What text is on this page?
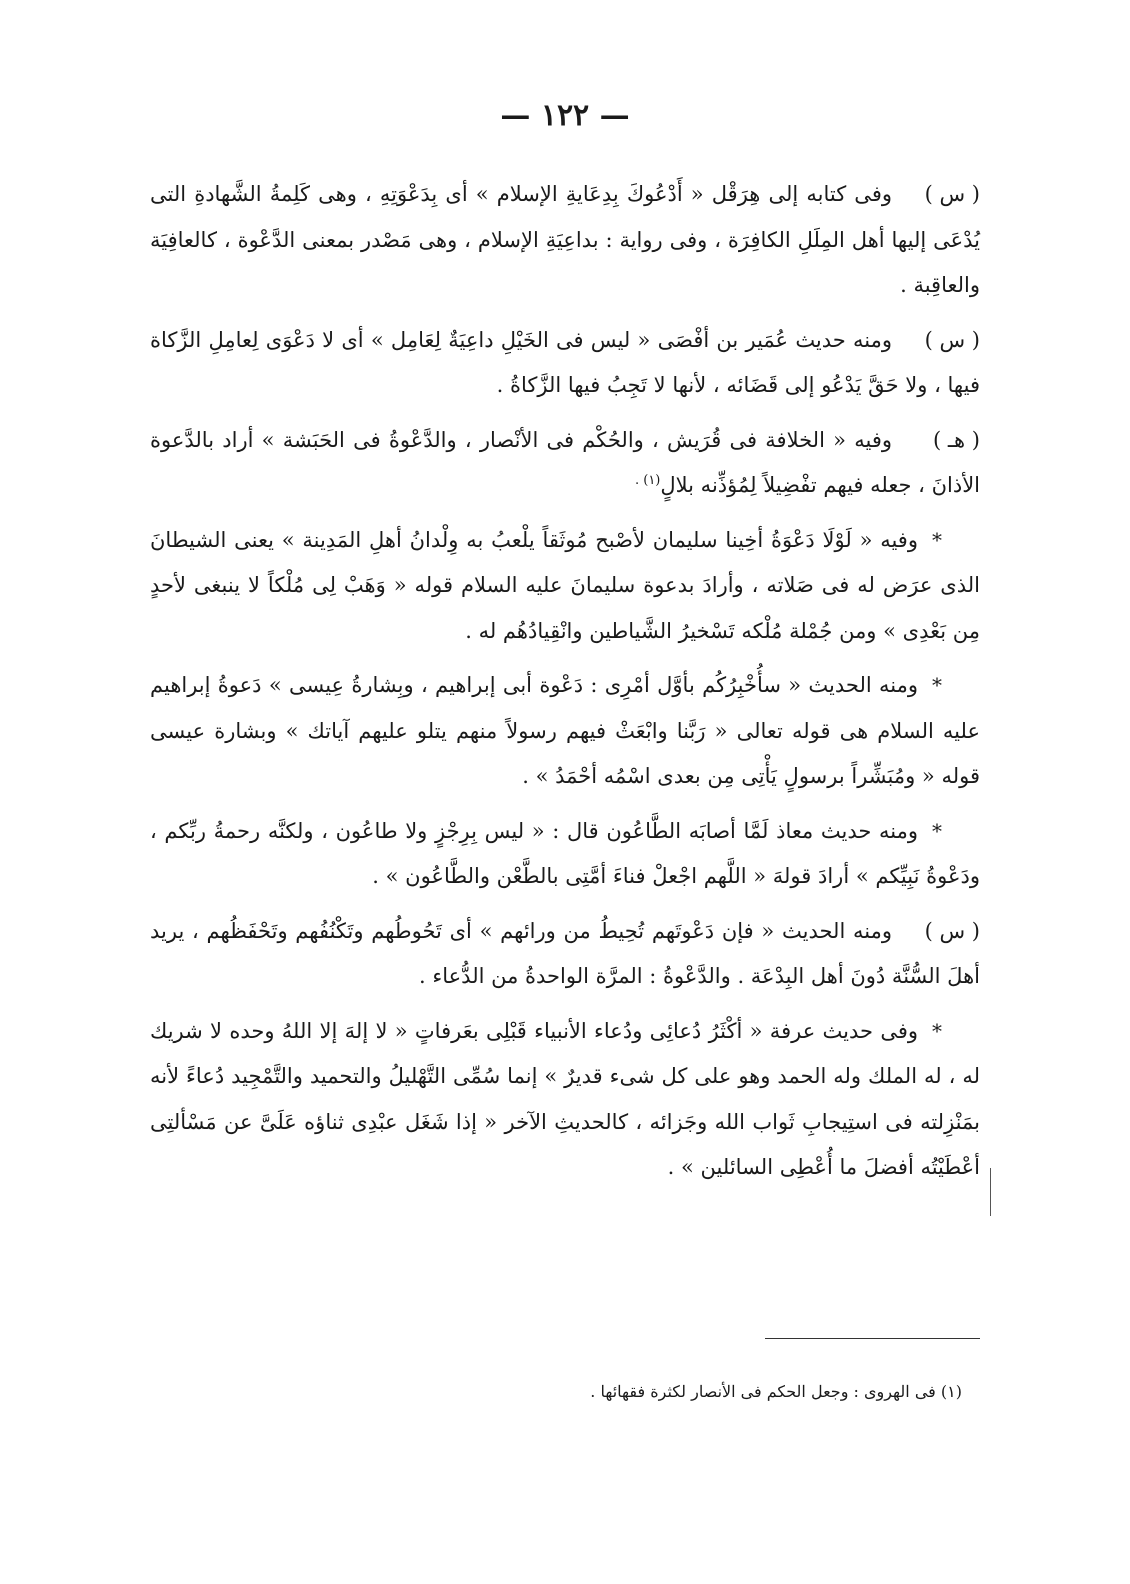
— ١٢٢ —

( س )وفى كتابه إلى هِرَقْل « أَدْعُوكَ بِدِعَايةِ الإسلام » أى بِدَعْوَتِهِ ، وهى كَلِمةُ الشَّهادةِ التى يُدْعَى إليها أهل المِلَلِ الكافِرَة ، وفى رواية : بداعِيَةِ الإسلام ، وهى مَصْدر بمعنى الدَّعْوة ، كالعافِيَة والعاقِبة .

( س )ومنه حديث عُمَير بن أفْصَى « ليس فى الخَيْلِ داعِيَةٌ لِعَامِل » أى لا دَعْوَى لِعامِلِ الزَّكاة فيها ، ولا حَقَّ يَدْعُو إلى قَضَائه ، لأنها لا تَجِبُ فيها الزَّكاةُ .

( هـ )وفيه « الخلافة فى قُرَيش ، والحُكْم فى الأنْصار ، والدَّعْوةُ فى الحَبَشة » أراد بالدَّعوة الأذانَ ، جعله فيهم تفْضِيلاً لِمُؤذِّنه بلالٍ$^{(١) .}$

*وفيه « لَوْلَا دَعْوَةُ أخِينا سليمان لأصْبح مُوثَقاً يلْعبُ به وِلْدانُ أهلِ المَدِينة » يعنى الشيطانَ الذى عرَض له فى صَلاته ، وأرادَ بدعوة سليمانَ عليه السلام قوله « وَهَبْ لِى مُلْكاً لا ينبغى لأحدٍ مِن بَعْدِى » ومن جُمْلة مُلْكه تَسْخيرُ الشَّياطين وانْقِيادُهُم له .

*ومنه الحديث « سأُخْبِرُكُم بأوَّل أمْرِى : دَعْوة أبى إبراهيم ، وبِشارةُ عِيسى » دَعوةُ إبراهيم عليه السلام هى قوله تعالى « رَبَّنا وابْعَثْ فيهم رسولاً منهم يتلو عليهم آياتك » وبشارة عيسى قوله « ومُبَشِّراً برسولٍ يَأْتِى مِن بعدى اسْمُه أحْمَدُ » .

*ومنه حديث معاذ لَمَّا أصابَه الطَّاعُون قال : « ليس بِرِجْزٍ ولا طاعُون ، ولكنَّه رحمةُ ربِّكم ، ودَعْوةُ نَبِيِّكم » أرادَ قولهَ « اللَّهم اجْعلْ فناءَ أمَّتِى بالطَّعْن والطَّاعُون » .

( س )ومنه الحديث « فإن دَعْوتَهم تُحِيطُ من ورائهم » أى تَحُوطُهم وتَكْنُفُهم وتَحْفَظُهم ، يريد أهلَ السُّنَّة دُونَ أهل البِدْعَة . والدَّعْوةُ : المرَّة الواحدةُ من الدُّعاء .

*وفى حديث عرفة « أكْثَرُ دُعائِى ودُعاء الأنبياء قَبْلِى بعَرفاتٍ « لا إلهَ إلا اللهُ وحده لا شريك له ، له الملك وله الحمد وهو على كل شىء قديرٌ » إنما سُمِّى التَّهْليلُ والتحميد والتَّمْجِيد دُعاءً لأنه بمَنْزِلته فى استِيجابِ ثَواب الله وجَزائه ، كالحديثِ الآخر « إذا شَغَل عبْدِى ثناؤه عَلَىَّ عن مَسْألتِى أعْطَيْتُه أفضلَ ما أُعْطِى السائلين » .

(١) فى الهروى : وجعل الحكم فى الأنصار لكثرة فقهائها .
